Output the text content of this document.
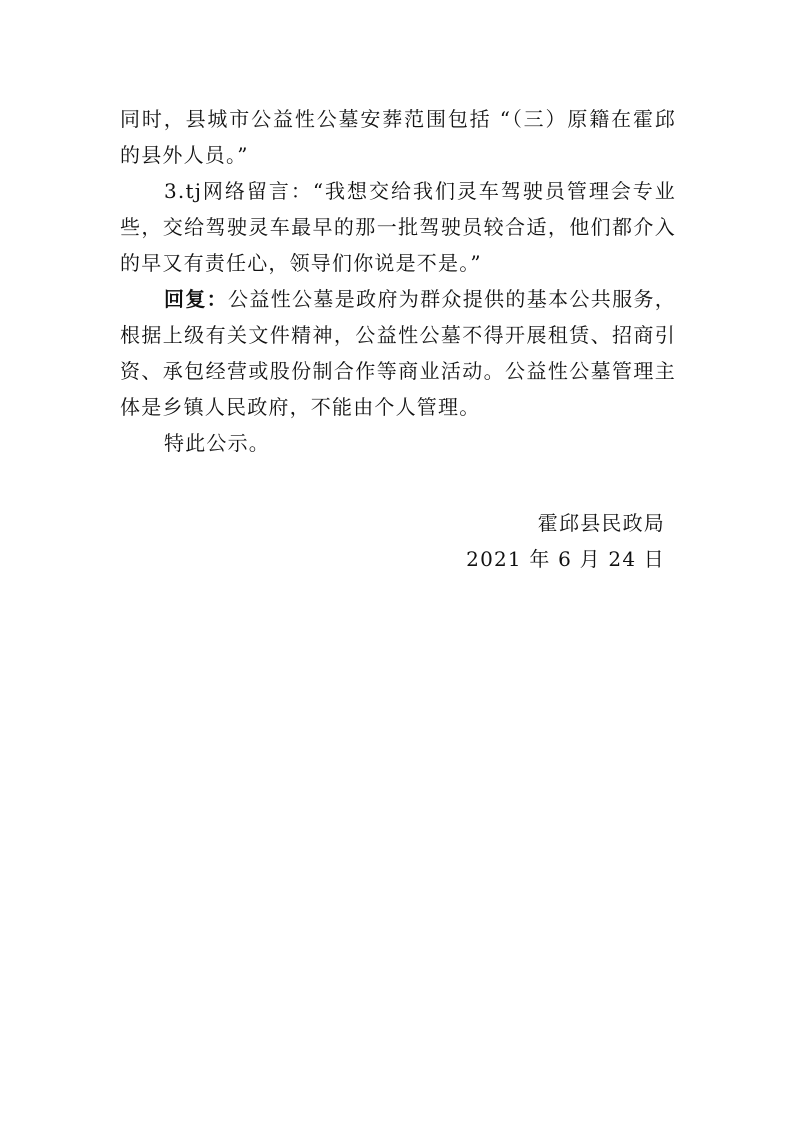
同时，县城市公益性公墓安葬范围包括 “（三）原籍在霍邱的县外人员。”

3.tj网络留言：“我想交给我们灵车驾驶员管理会专业些，交给驾驶灵车最早的那一批驾驶员较合适，他们都介入的早又有责任心，领导们你说是不是。”

回复：公益性公墓是政府为群众提供的基本公共服务，根据上级有关文件精神，公益性公墓不得开展租赁、招商引资、承包经营或股份制合作等商业活动。公益性公墓管理主体是乡镇人民政府，不能由个人管理。

特此公示。

霍邱县民政局
2021 年 6 月 24 日
